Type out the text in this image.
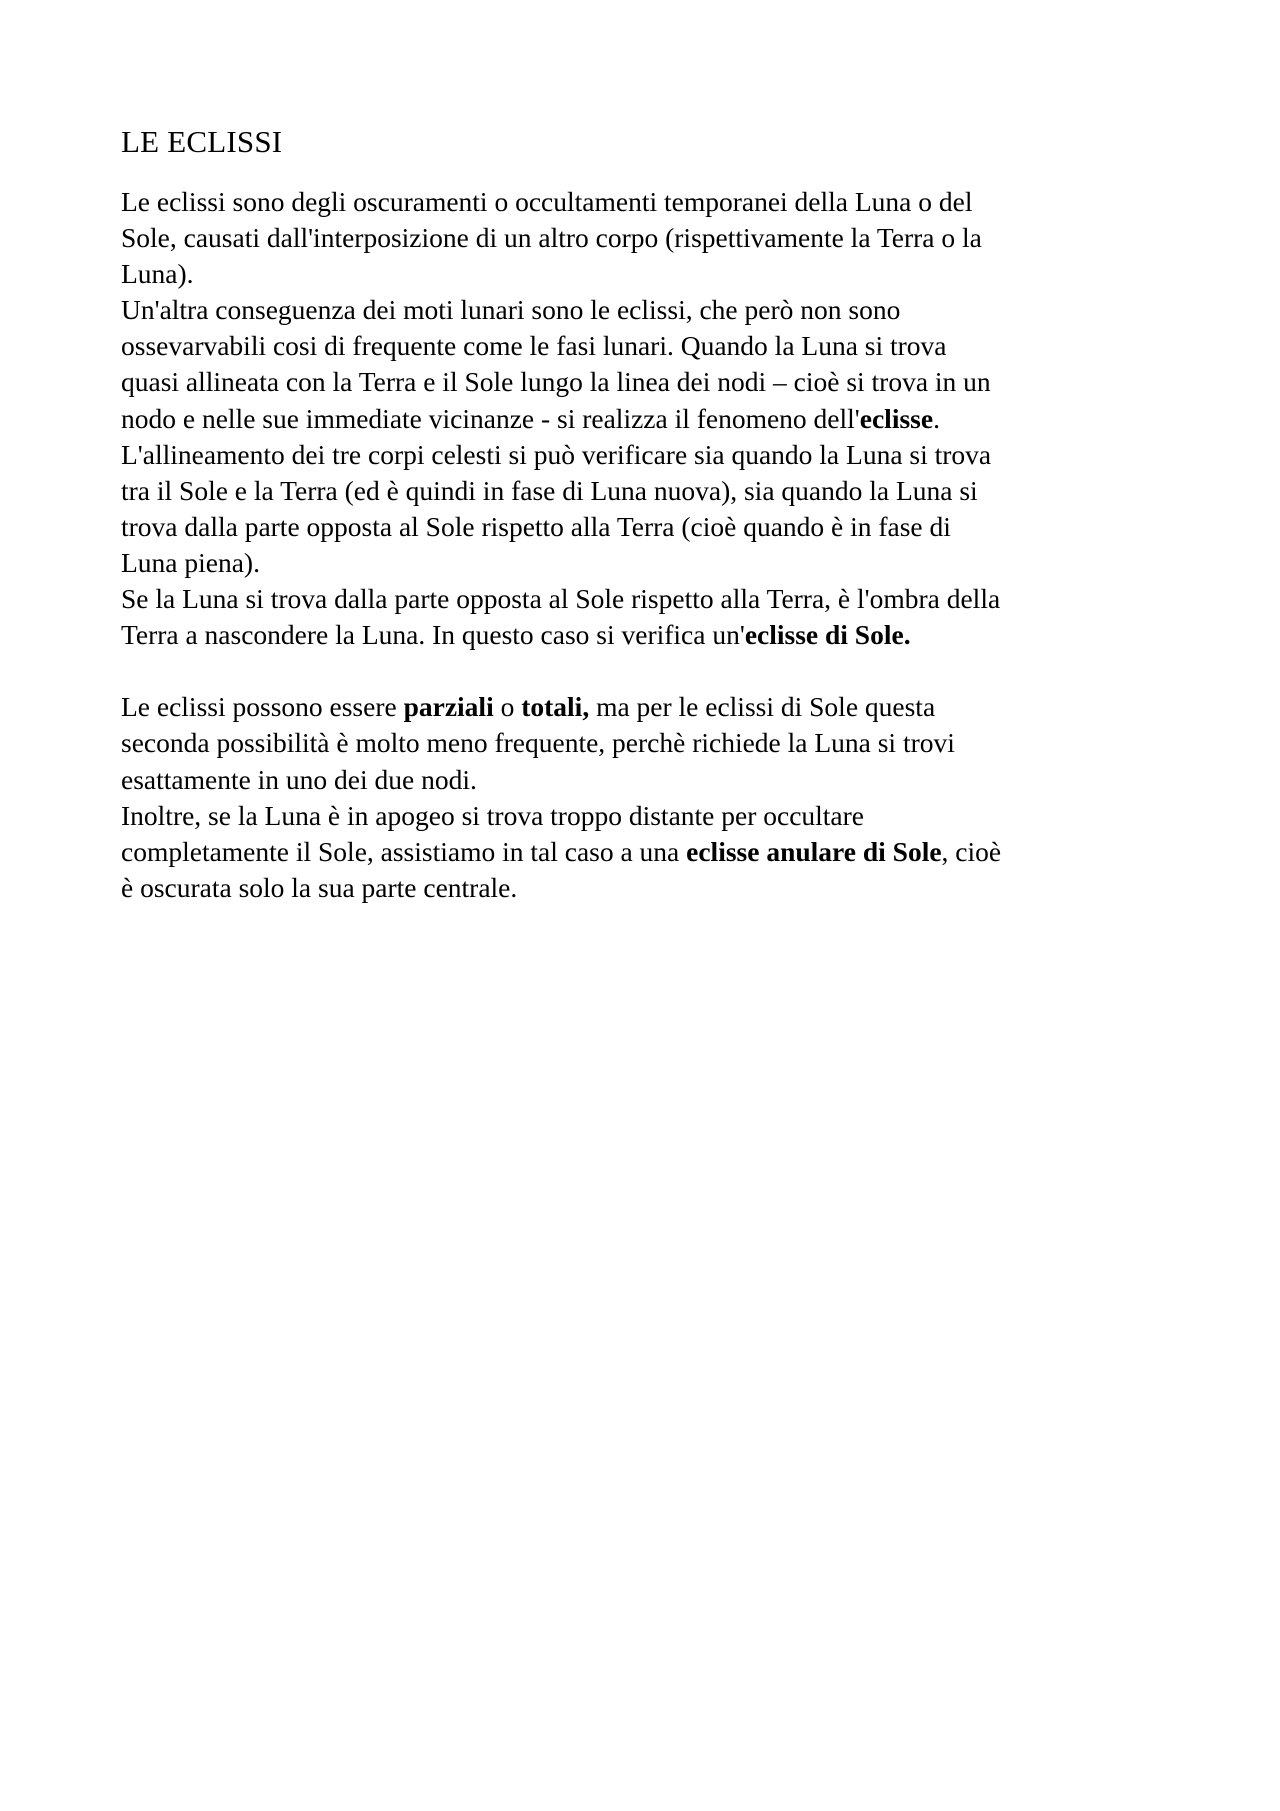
LE ECLISSI

Le eclissi sono degli oscuramenti o occultamenti temporanei della Luna o del

Sole, causati dall'interposizione di un altro corpo (rispettivamente la Terra o la

Luna).

Un'altra conseguenza dei moti lunari sono le eclissi, che però non sono

ossevarvabili cosi di frequente come le fasi lunari. Quando la Luna si trova

quasi allineata con la Terra e il Sole lungo la linea dei nodi – cioè si trova in un

nodo e nelle sue immediate vicinanze - si realizza il fenomeno dell'eclisse.

L'allineamento dei tre corpi celesti si può verificare sia quando la Luna si trova

tra il Sole e la Terra (ed è quindi in fase di Luna nuova), sia quando la Luna si

trova dalla parte opposta al Sole rispetto alla Terra (cioè quando è in fase di

Luna piena).

Se la Luna si trova dalla parte opposta al Sole rispetto alla Terra, è l'ombra della

Terra a nascondere la Luna. In questo caso si verifica un'eclisse di Sole.

Le eclissi possono essere parziali o totali, ma per le eclissi di Sole questa

seconda possibilità è molto meno frequente, perchè richiede la Luna si trovi

esattamente in uno dei due nodi.

Inoltre, se la Luna è in apogeo si trova troppo distante per occultare

completamente il Sole, assistiamo in tal caso a una eclisse anulare di Sole, cioè

è oscurata solo la sua parte centrale.
